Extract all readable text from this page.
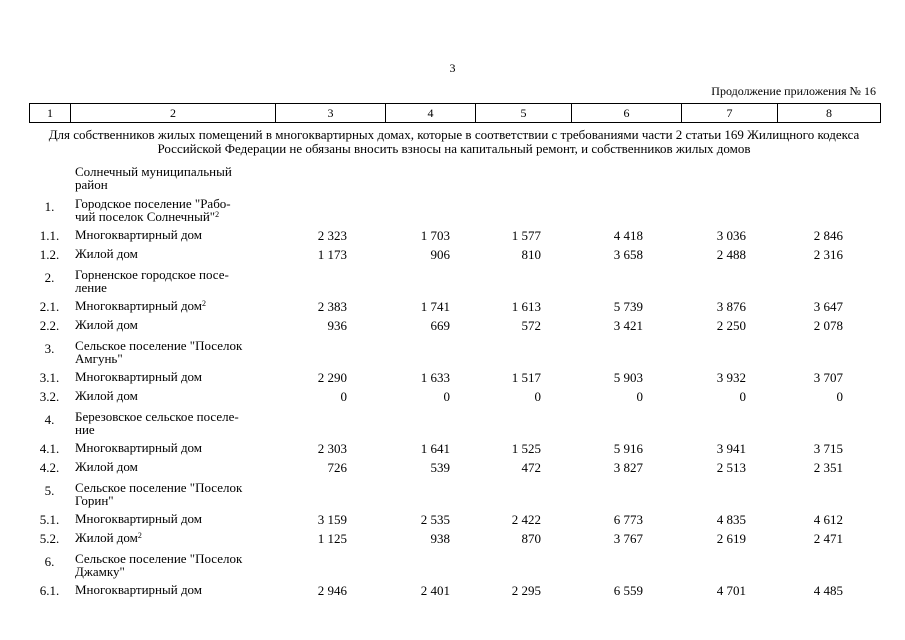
3
Продолжение приложения № 16
1	2	3	4	5	6	7	8
Для собственников жилых помещений в многоквартирных домах, которые в соответствии с требованиями части 2 статьи 169 Жилищного кодекса Российской Федерации не обязаны вносить взносы на капитальный ремонт, и собственников жилых домов
Солнечный муниципальный
район
1.	Городское поселение "Рабо-
чий поселок Солнечный"$^2$
1.1.	Многоквартирный дом	2 323	1 703	1 577	4 418	3 036	2 846
1.2.	Жилой дом	1 173	906	810	3 658	2 488	2 316
2.	Горненское городское посе-
ление
2.1.	Многоквартирный дом$^2$	2 383	1 741	1 613	5 739	3 876	3 647
2.2.	Жилой дом	936	669	572	3 421	2 250	2 078
3.	Сельское поселение "Поселок
Амгунь"
3.1.	Многоквартирный дом	2 290	1 633	1 517	5 903	3 932	3 707
3.2.	Жилой дом	0	0	0	0	0	0
4.	Березовское сельское поселе-
ние
4.1.	Многоквартирный дом	2 303	1 641	1 525	5 916	3 941	3 715
4.2.	Жилой дом	726	539	472	3 827	2 513	2 351
5.	Сельское поселение "Поселок
Горин"
5.1.	Многоквартирный дом	3 159	2 535	2 422	6 773	4 835	4 612
5.2.	Жилой дом$^2$	1 125	938	870	3 767	2 619	2 471
6.	Сельское поселение "Поселок
Джамку"
6.1.	Многоквартирный дом	2 946	2 401	2 295	6 559	4 701	4 485
